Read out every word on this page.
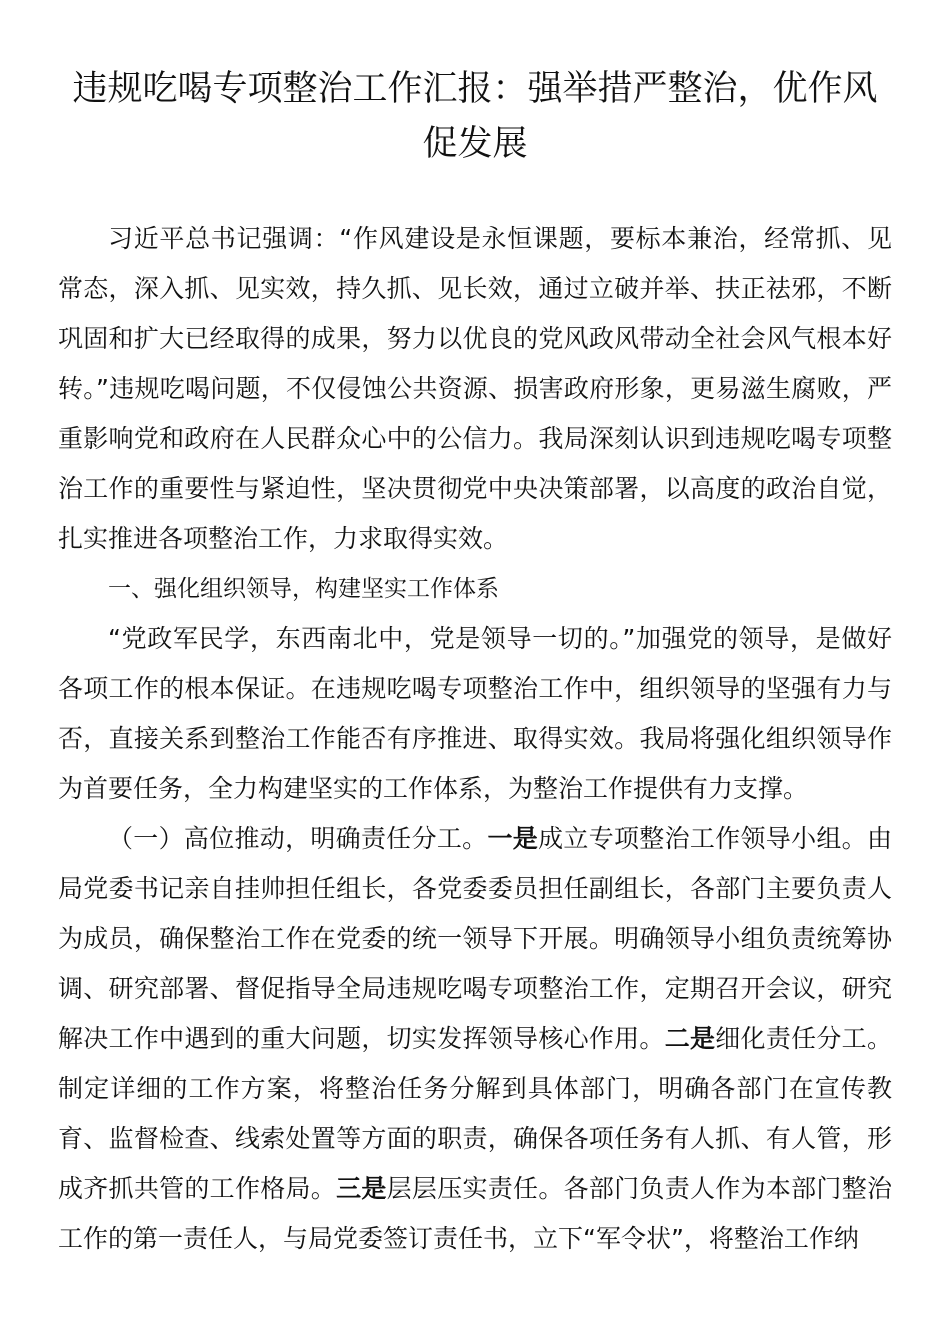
违规吃喝专项整治工作汇报：强举措严整治，优作风促发展

习近平总书记强调：“作风建设是永恒课题，要标本兼治，经常抓、见常态，深入抓、见实效，持久抓、见长效，通过立破并举、扶正祛邪，不断巩固和扩大已经取得的成果，努力以优良的党风政风带动全社会风气根本好转。”违规吃喝问题，不仅侵蚀公共资源、损害政府形象，更易滋生腐败，严重影响党和政府在人民群众心中的公信力。我局深刻认识到违规吃喝专项整治工作的重要性与紧迫性，坚决贯彻党中央决策部署，以高度的政治自觉，扎实推进各项整治工作，力求取得实效。

一、强化组织领导，构建坚实工作体系

“党政军民学，东西南北中，党是领导一切的。”加强党的领导，是做好各项工作的根本保证。在违规吃喝专项整治工作中，组织领导的坚强有力与否，直接关系到整治工作能否有序推进、取得实效。我局将强化组织领导作为首要任务，全力构建坚实的工作体系，为整治工作提供有力支撑。

（一）高位推动，明确责任分工。一是成立专项整治工作领导小组。由局党委书记亲自挂帅担任组长，各党委委员担任副组长，各部门主要负责人为成员，确保整治工作在党委的统一领导下开展。明确领导小组负责统筹协调、研究部署、督促指导全局违规吃喝专项整治工作，定期召开会议，研究解决工作中遇到的重大问题，切实发挥领导核心作用。二是细化责任分工。制定详细的工作方案，将整治任务分解到具体部门，明确各部门在宣传教育、监督检查、线索处置等方面的职责，确保各项任务有人抓、有人管，形成齐抓共管的工作格局。三是层层压实责任。各部门负责人作为本部门整治工作的第一责任人，与局党委签订责任书，立下“军令状”，将整治工作纳
